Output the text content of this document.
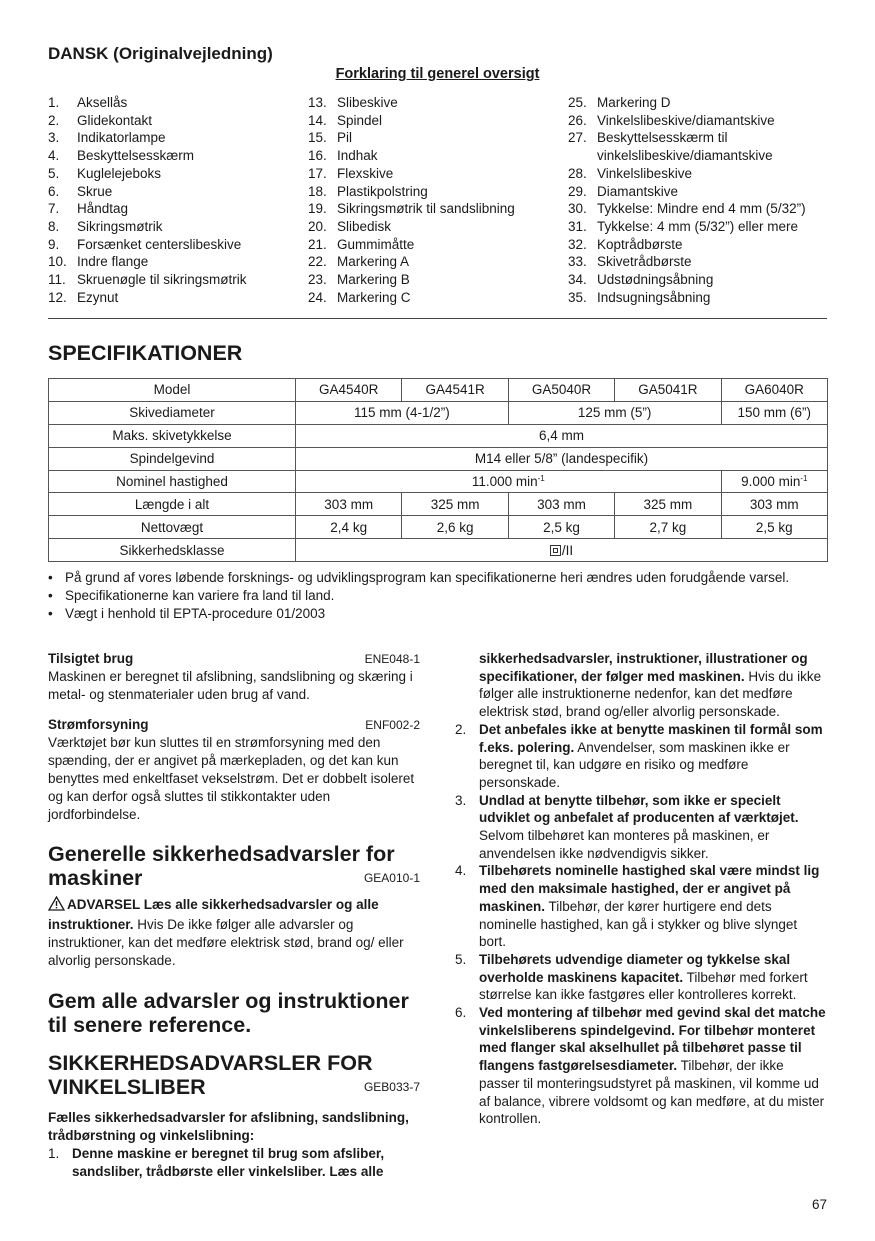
DANSK (Originalvejledning)
Forklaring til generel oversigt
1.	Aksellås
2.	Glidekontakt
3.	Indikatorlampe
4.	Beskyttelsesskærm
5.	Kuglelejeboks
6.	Skrue
7.	Håndtag
8.	Sikringsmøtrik
9.	Forsænket centerslibeskive
10. Indre flange
11. Skruenøgle til sikringsmøtrik
12. Ezynut
13. Slibeskive
14. Spindel
15. Pil
16. Indhak
17. Flexskive
18. Plastikpolstring
19. Sikringsmøtrik til sandslibning
20. Slibedisk
21. Gummimåtte
22. Markering A
23. Markering B
24. Markering C
25. Markering D
26. Vinkelslibeskive/diamantskive
27. Beskyttelsesskærm til
vinkelslibeskive/diamantskive
28. Vinkelslibeskive
29. Diamantskive
30. Tykkelse: Mindre end 4 mm (5/32”)
31. Tykkelse: 4 mm (5/32”) eller mere
32. Koptrådbørste
33. Skivetrådbørste
34. Udstødningsåbning
35. Indsugningsåbning
SPECIFIKATIONER
Model	GA4540R	GA4541R	GA5040R	GA5041R	GA6040R
Skivediameter	115 mm (4-1/2”)		125 mm (5”)		150 mm (6”)
Maks. skivetykkelse	6,4 mm				
Spindelgevind	M14 eller 5/8” (landespecifik)				
Nominel hastighed	11.000 $\min^{-1}$				9.000 $\min^{-1}$
Længde i alt	303 mm	325 mm	303 mm	325 mm	303 mm
Nettovægt	2,4 kg	2,6 kg	2,5 kg	2,7 kg	2,5 kg
Sikkerhedsklasse	/II				
• På grund af vores løbende forsknings- og udviklingsprogram kan specifikationerne heri ændres uden forudgående varsel.
• Specifikationerne kan variere fra land til land.
• Vægt i henhold til EPTA-procedure 01/2003
Tilsigtet brug	ENE048-1
Maskinen er beregnet til afslibning, sandslibning og skæring i metal- og stenmaterialer uden brug af vand.
Strømforsyning	ENF002-2
Værktøjet bør kun sluttes til en strømforsyning med den spænding, der er angivet på mærkepladen, og det kan kun benyttes med enkeltfaset vekselstrøm. Det er dobbelt isoleret og kan derfor også sluttes til stikkontakter uden jordforbindelse.
Generelle sikkerhedsadvarsler for
maskiner	GEA010-1
ADVARSEL Læs alle sikkerhedsadvarsler og alle instruktioner. Hvis De ikke følger alle advarsler og instruktioner, kan det medføre elektrisk stød, brand og/ eller alvorlig personskade.
Gem alle advarsler og instruktioner til senere reference.
SIKKERHEDSADVARSLER FOR
VINKELSLIBER	GEB033-7
Fælles sikkerhedsadvarsler for afslibning, sandslibning, trådbørstning og vinkelslibning:
1. Denne maskine er beregnet til brug som afsliber, sandsliber, trådbørste eller vinkelsliber. Læs alle
sikkerhedsadvarsler, instruktioner, illustrationer og specifikationer, der følger med maskinen. Hvis du ikke følger alle instruktionerne nedenfor, kan det medføre elektrisk stød, brand og/eller alvorlig personskade.
2. Det anbefales ikke at benytte maskinen til formål som f.eks. polering. Anvendelser, som maskinen ikke er beregnet til, kan udgøre en risiko og medføre personskade.
3. Undlad at benytte tilbehør, som ikke er specielt udviklet og anbefalet af producenten af værktøjet. Selvom tilbehøret kan monteres på maskinen, er anvendelsen ikke nødvendigvis sikker.
4. Tilbehørets nominelle hastighed skal være mindst lig med den maksimale hastighed, der er angivet på maskinen. Tilbehør, der kører hurtigere end dets nominelle hastighed, kan gå i stykker og blive slynget bort.
5. Tilbehørets udvendige diameter og tykkelse skal overholde maskinens kapacitet. Tilbehør med forkert størrelse kan ikke fastgøres eller kontrolleres korrekt.
6. Ved montering af tilbehør med gevind skal det matche vinkelsliberens spindelgevind. For tilbehør monteret med flanger skal akselhullet på tilbehøret passe til flangens fastgørelsesdiameter. Tilbehør, der ikke passer til monteringsudstyret på maskinen, vil komme ud af balance, vibrere voldsomt og kan medføre, at du mister kontrollen.
67
